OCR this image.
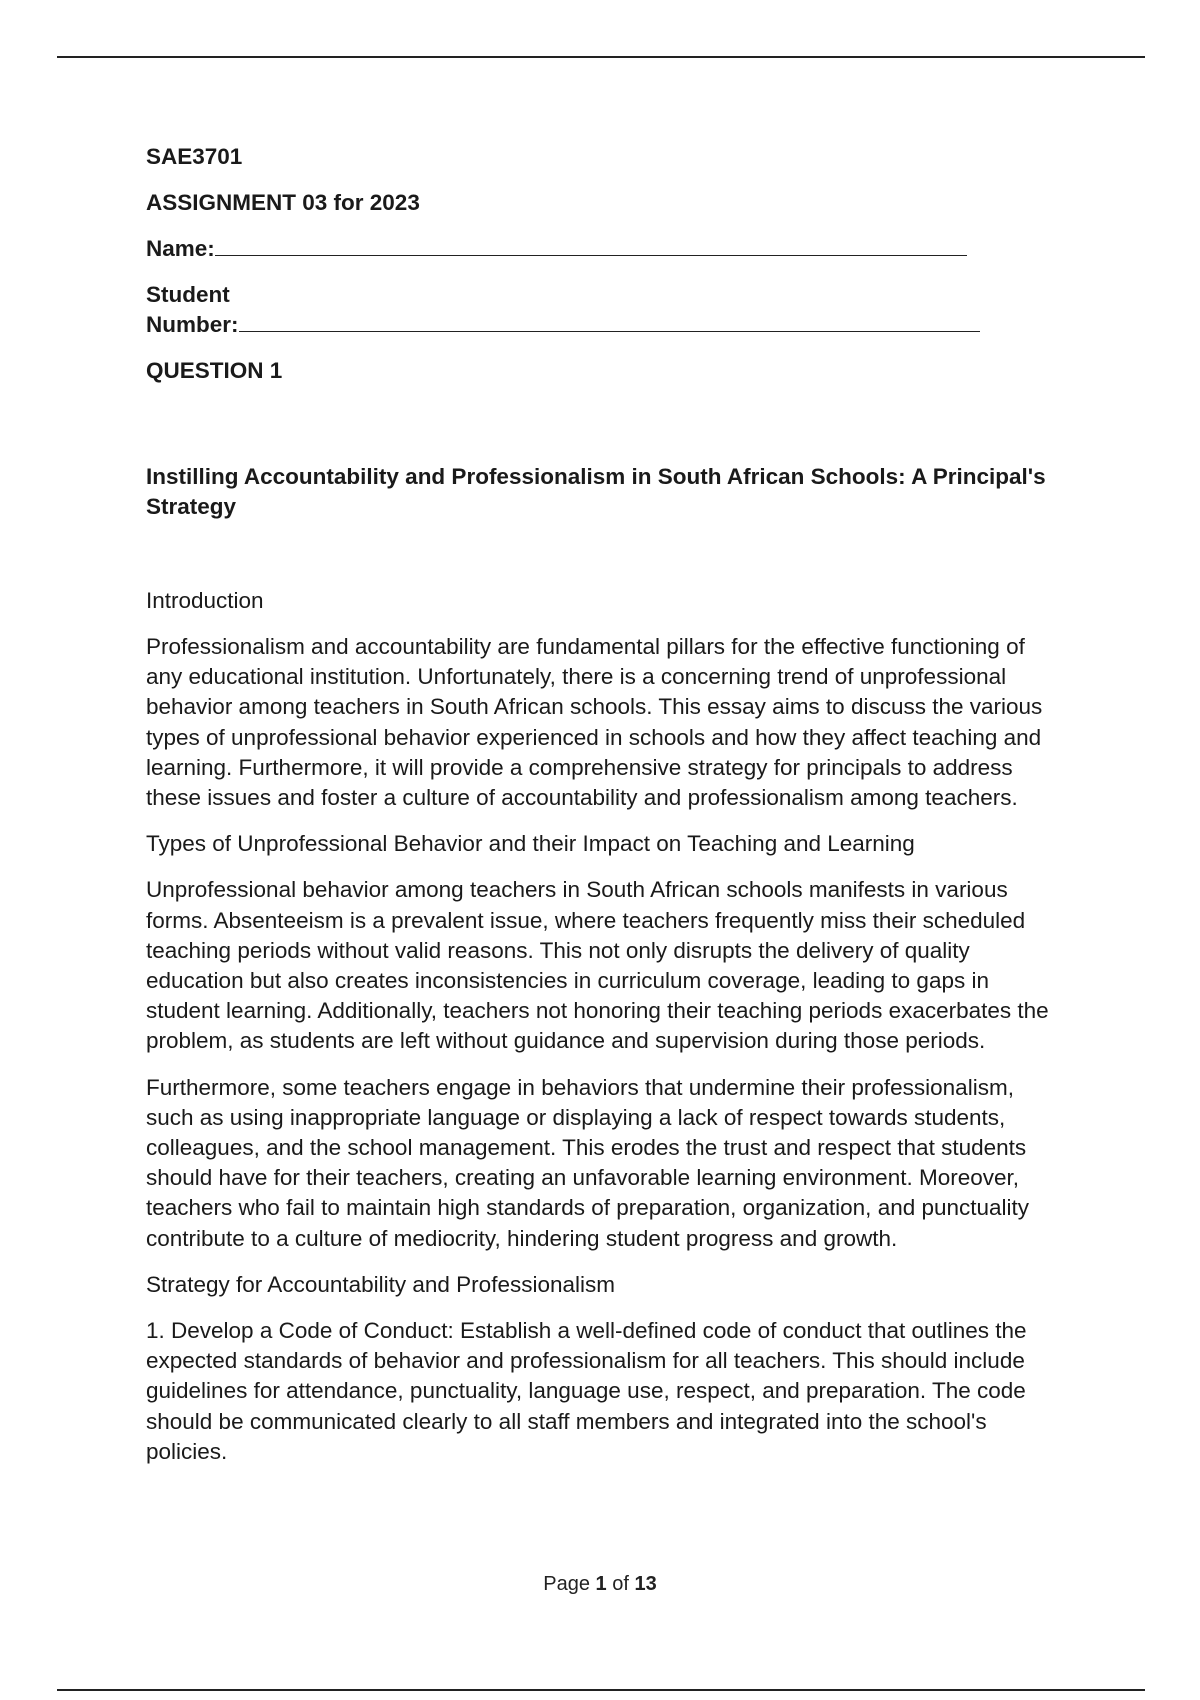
SAE3701
ASSIGNMENT 03 for 2023
Name:
Student
Number:
QUESTION 1
Instilling Accountability and Professionalism in South African Schools: A Principal's Strategy
Introduction

Professionalism and accountability are fundamental pillars for the effective functioning of any educational institution. Unfortunately, there is a concerning trend of unprofessional behavior among teachers in South African schools. This essay aims to discuss the various types of unprofessional behavior experienced in schools and how they affect teaching and learning. Furthermore, it will provide a comprehensive strategy for principals to address these issues and foster a culture of accountability and professionalism among teachers.

Types of Unprofessional Behavior and their Impact on Teaching and Learning

Unprofessional behavior among teachers in South African schools manifests in various forms. Absenteeism is a prevalent issue, where teachers frequently miss their scheduled teaching periods without valid reasons. This not only disrupts the delivery of quality education but also creates inconsistencies in curriculum coverage, leading to gaps in student learning. Additionally, teachers not honoring their teaching periods exacerbates the problem, as students are left without guidance and supervision during those periods.

Furthermore, some teachers engage in behaviors that undermine their professionalism, such as using inappropriate language or displaying a lack of respect towards students, colleagues, and the school management. This erodes the trust and respect that students should have for their teachers, creating an unfavorable learning environment. Moreover, teachers who fail to maintain high standards of preparation, organization, and punctuality contribute to a culture of mediocrity, hindering student progress and growth.

Strategy for Accountability and Professionalism

1. Develop a Code of Conduct: Establish a well-defined code of conduct that outlines the expected standards of behavior and professionalism for all teachers. This should include guidelines for attendance, punctuality, language use, respect, and preparation. The code should be communicated clearly to all staff members and integrated into the school's policies.

Page 1 of 13
